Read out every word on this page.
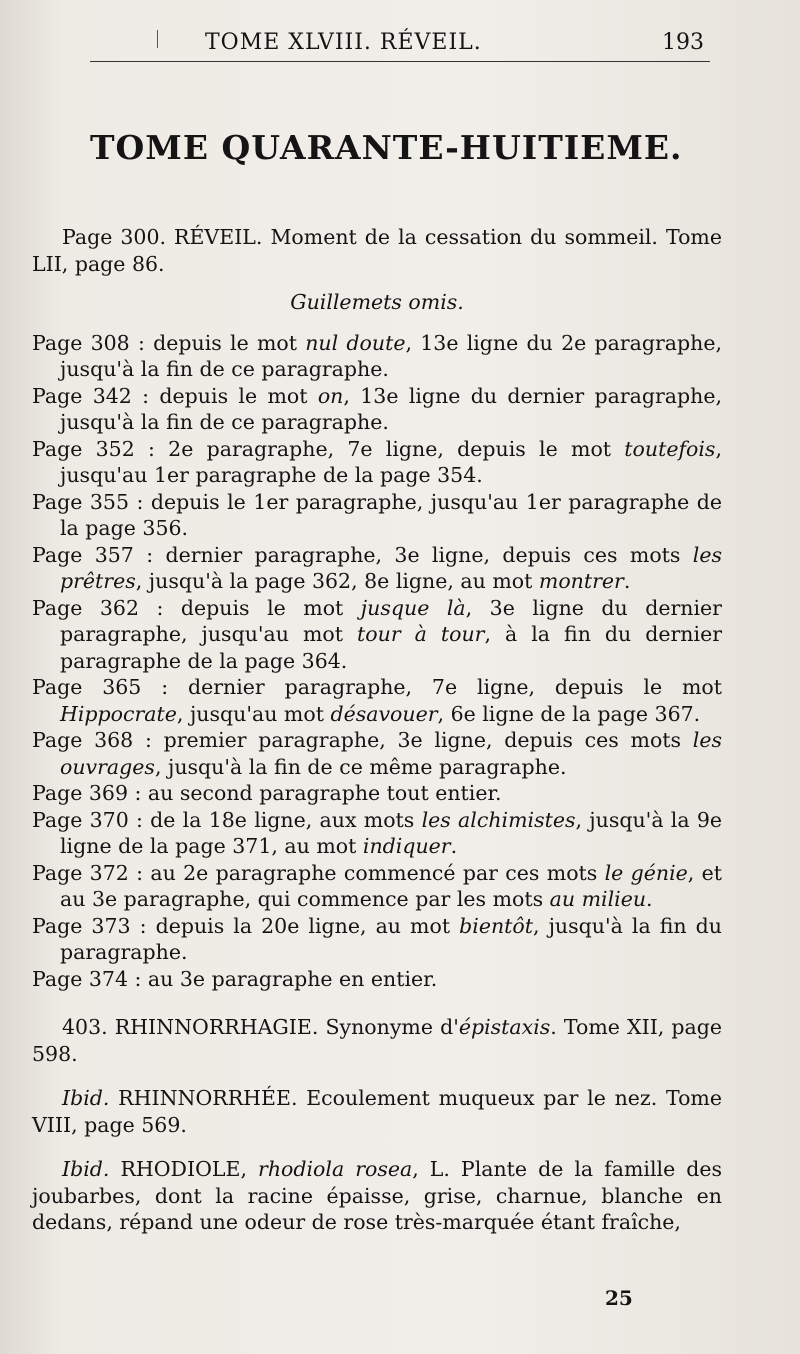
TOME XLVIII. RÉVEIL.	193
TOME QUARANTE-HUITIEME.

Page 300. RÉVEIL. Moment de la cessation du sommeil. Tome LII, page 86.

Guillemets omis.

Page 308 : depuis le mot nul doute, 13e ligne du 2e paragraphe, jusqu'à la fin de ce paragraphe.

Page 342 : depuis le mot on, 13e ligne du dernier paragraphe, jusqu'à la fin de ce paragraphe.

Page 352 : 2e paragraphe, 7e ligne, depuis le mot toutefois, jusqu'au 1er paragraphe de la page 354.

Page 355 : depuis le 1er paragraphe, jusqu'au 1er paragraphe de la page 356.

Page 357 : dernier paragraphe, 3e ligne, depuis ces mots les prêtres, jusqu'à la page 362, 8e ligne, au mot montrer.

Page 362 : depuis le mot jusque là, 3e ligne du dernier paragraphe, jusqu'au mot tour à tour, à la fin du dernier paragraphe de la page 364.

Page 365 : dernier paragraphe, 7e ligne, depuis le mot Hippocrate, jusqu'au mot désavouer, 6e ligne de la page 367.

Page 368 : premier paragraphe, 3e ligne, depuis ces mots les ouvrages, jusqu'à la fin de ce même paragraphe.

Page 369 : au second paragraphe tout entier.

Page 370 : de la 18e ligne, aux mots les alchimistes, jusqu'à la 9e ligne de la page 371, au mot indiquer.

Page 372 : au 2e paragraphe commencé par ces mots le génie, et au 3e paragraphe, qui commence par les mots au milieu.

Page 373 : depuis la 20e ligne, au mot bientôt, jusqu'à la fin du paragraphe.

Page 374 : au 3e paragraphe en entier.

403. RHINNORRHAGIE. Synonyme d'épistaxis. Tome XII, page 598.

Ibid. RHINNORRHÉE. Ecoulement muqueux par le nez. Tome VIII, page 569.

Ibid. RHODIOLE, rhodiola rosea, L. Plante de la famille des joubarbes, dont la racine épaisse, grise, charnue, blanche en dedans, répand une odeur de rose très-marquée étant fraîche,

25
